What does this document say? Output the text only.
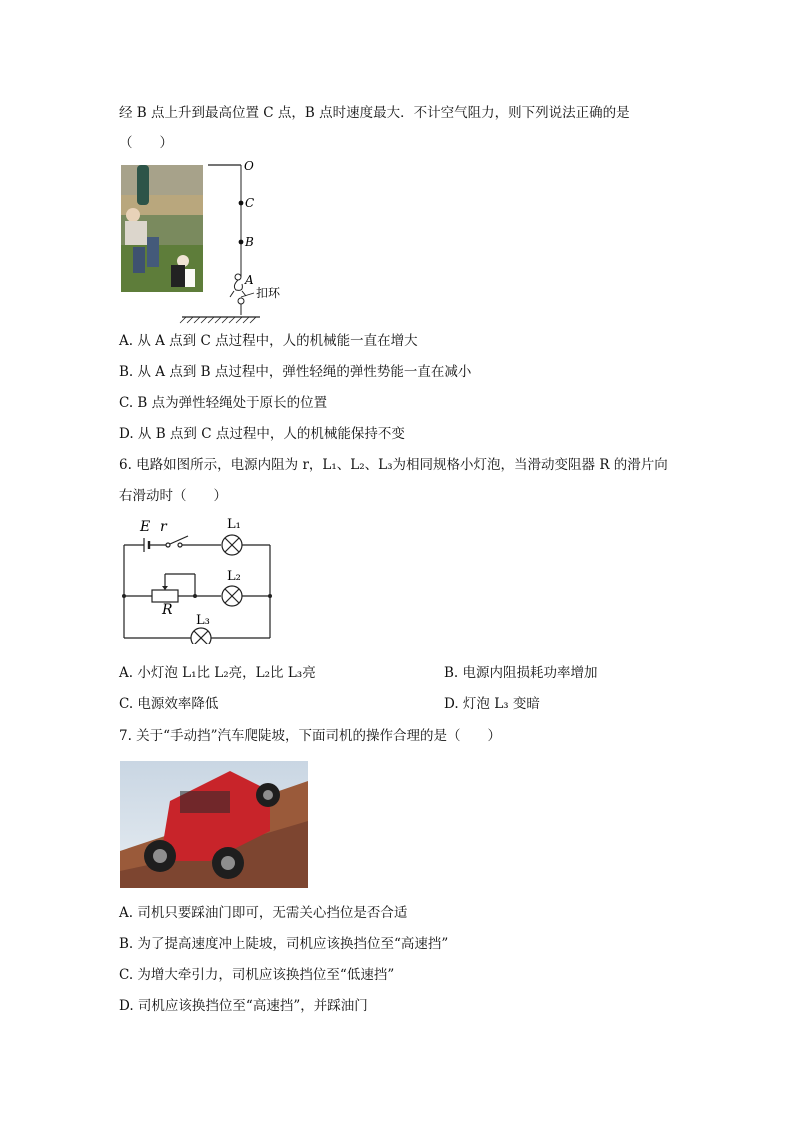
经 B 点上升到最高位置 C 点，B 点时速度最大．不计空气阻力，则下列说法正确的是
（　　）
O
C
B
A
扣环
A. 从 A 点到 C 点过程中，人的机械能一直在增大
B. 从 A 点到 B 点过程中，弹性轻绳的弹性势能一直在减小
C. B 点为弹性轻绳处于原长的位置
D. 从 B 点到 C 点过程中，人的机械能保持不变
6. 电路如图所示，电源内阻为 r，L₁、L₂、L₃为相同规格小灯泡，当滑动变阻器 R 的滑片向
右滑动时（　　）
E r	L₁
L₂
L₃
R
A. 小灯泡 L₁比 L₂亮，L₂比 L₃亮	B. 电源内阻损耗功率增加
C. 电源效率降低	D. 灯泡 L₃ 变暗
7. 关于“手动挡”汽车爬陡坡，下面司机的操作合理的是（　　）
A. 司机只要踩油门即可，无需关心挡位是否合适
B. 为了提高速度冲上陡坡，司机应该换挡位至“高速挡”
C. 为增大牵引力，司机应该换挡位至“低速挡”
D. 司机应该换挡位至“高速挡”，并踩油门
